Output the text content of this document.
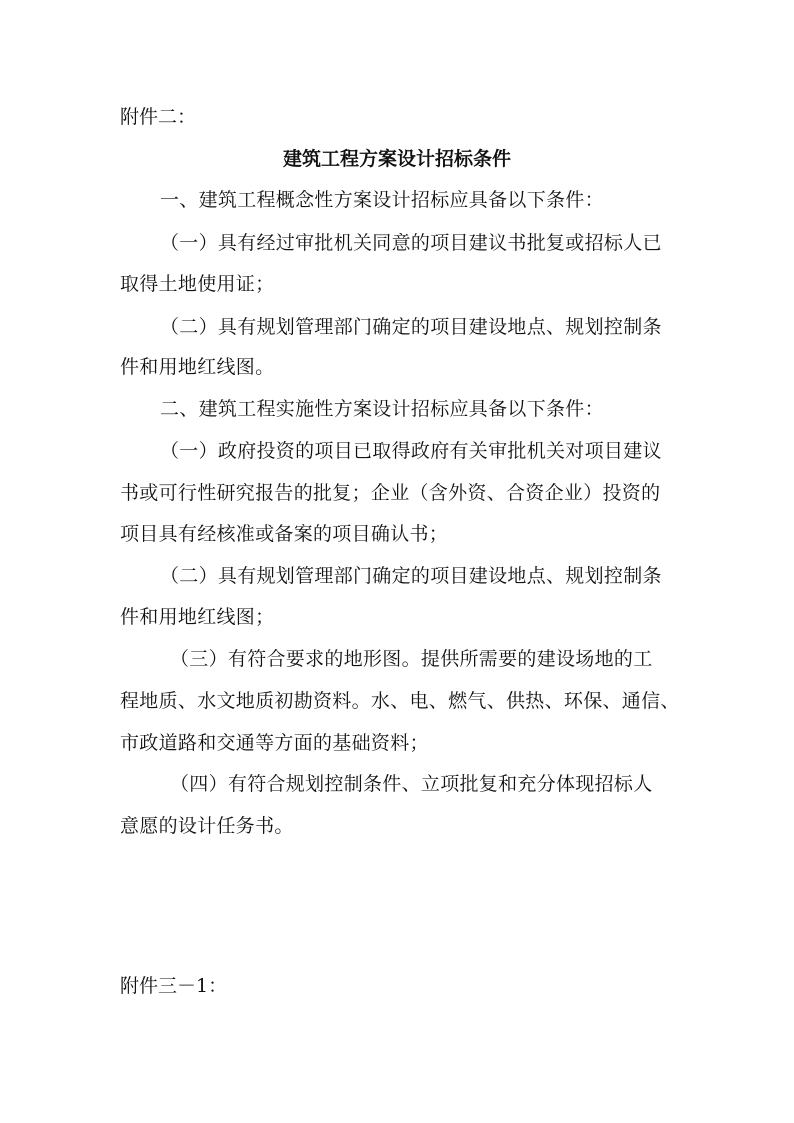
附件二：
建筑工程方案设计招标条件
一、建筑工程概念性方案设计招标应具备以下条件：
（一）具有经过审批机关同意的项目建议书批复或招标人已
取得土地使用证；
（二）具有规划管理部门确定的项目建设地点、规划控制条
件和用地红线图。
二、建筑工程实施性方案设计招标应具备以下条件：
（一）政府投资的项目已取得政府有关审批机关对项目建议
书或可行性研究报告的批复；企业（含外资、合资企业）投资的
项目具有经核准或备案的项目确认书；
（二）具有规划管理部门确定的项目建设地点、规划控制条
件和用地红线图；
（三）有符合要求的地形图。提供所需要的建设场地的工
程地质、水文地质初勘资料。水、电、燃气、供热、环保、通信、
市政道路和交通等方面的基础资料；
（四）有符合规划控制条件、立项批复和充分体现招标人
意愿的设计任务书。
附件三－1：
